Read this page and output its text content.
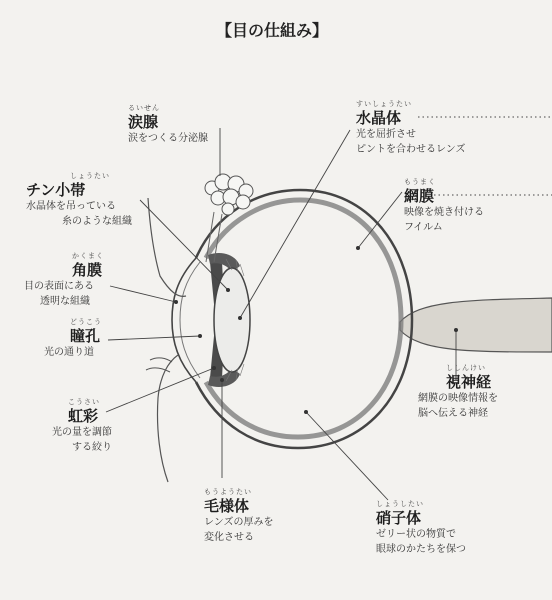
【目の仕組み】
るいせん
涙腺
涙をつくる分泌腺
すいしょうたい
水晶体
光を屈折させ
ピントを合わせるレンズ
しょうたい
チン小帯
水晶体を吊っている
糸のような組織
もうまく
網膜
映像を焼き付ける
フイルム
かくまく
角膜
目の表面にある
透明な組織
どうこう
瞳孔
光の通り道
ししんけい
視神経
網膜の映像情報を
脳へ伝える神経
こうさい
虹彩
光の量を調節
する絞り
もうようたい
毛様体
レンズの厚みを
変化させる
しょうしたい
硝子体
ゼリー状の物質で
眼球のかたちを保つ
